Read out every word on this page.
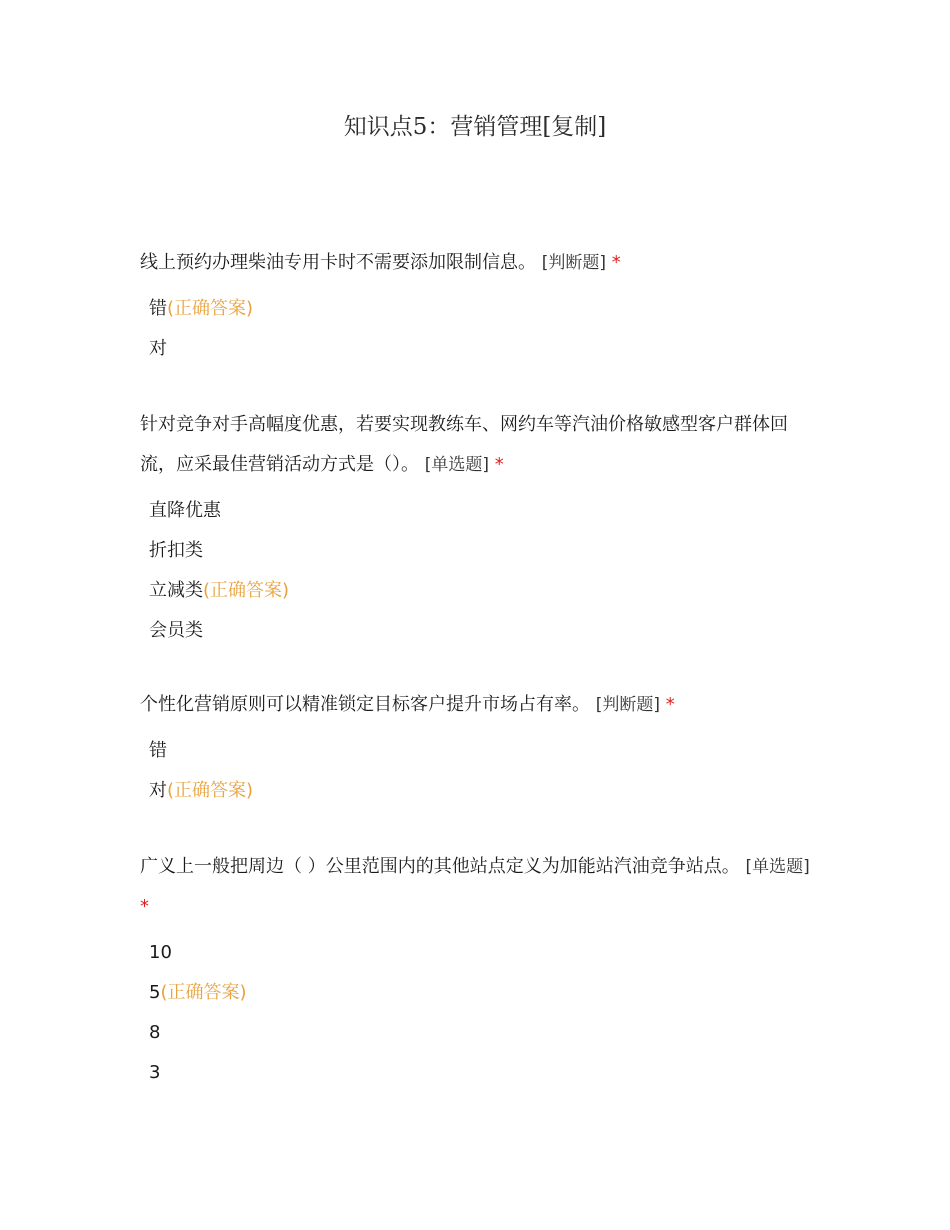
知识点5：营销管理[复制]

线上预约办理柴油专用卡时不需要添加限制信息。 [判断题] *

错(正确答案)
对

针对竞争对手高幅度优惠，若要实现教练车、网约车等汽油价格敏感型客户群体回流，应采最佳营销活动方式是（）。 [单选题] *

直降优惠
折扣类
立减类(正确答案)
会员类

个性化营销原则可以精准锁定目标客户提升市场占有率。 [判断题] *

错
对(正确答案)

广义上一般把周边（ ）公里范围内的其他站点定义为加能站汽油竞争站点。 [单选题] *

10
5(正确答案)
8
3
